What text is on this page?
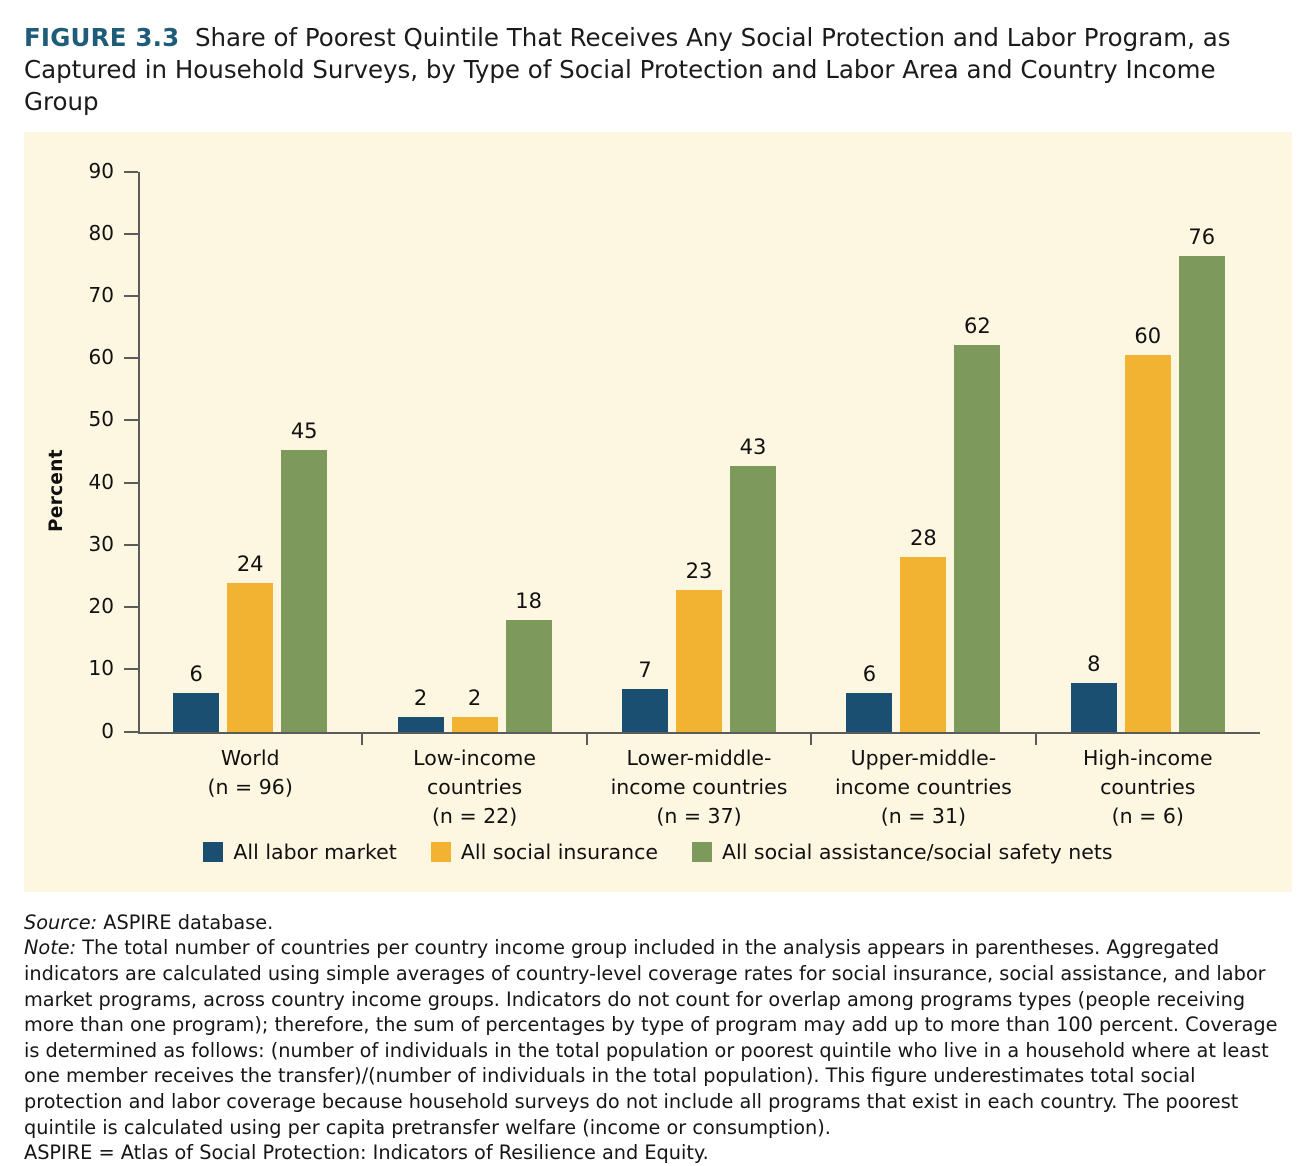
FIGURE 3.3 Share of Poorest Quintile That Receives Any Social Protection and Labor Program, as Captured in Household Surveys, by Type of Social Protection and Labor Area and Country Income Group
Percent
0
10
20
30
40
50
60
70
80
90
6
2
7	6	8
24
2
23
28
60
45
18
43
62
76
World
(n = 96)
Low-income
countries
(n = 22)
Lower-middle-
income countries
(n = 37)
Upper-middle-
income countries
(n = 31)
High-income
countries
(n = 6)
All labor market	All social insurance	All social assistance/social safety nets

Source: ASPIRE database.

Note: The total number of countries per country income group included in the analysis appears in parentheses. Aggregated indicators are calculated using simple averages of country-level coverage rates for social insurance, social assistance, and labor market programs, across country income groups. Indicators do not count for overlap among programs types (people receiving more than one program); therefore, the sum of percentages by type of program may add up to more than 100 percent. Coverage is determined as follows: (number of individuals in the total population or poorest quintile who live in a household where at least one member receives the transfer)/(number of individuals in the total population). This figure underestimates total social protection and labor coverage because household surveys do not include all programs that exist in each country. The poorest quintile is calculated using per capita pretransfer welfare (income or consumption).

ASPIRE = Atlas of Social Protection: Indicators of Resilience and Equity.
